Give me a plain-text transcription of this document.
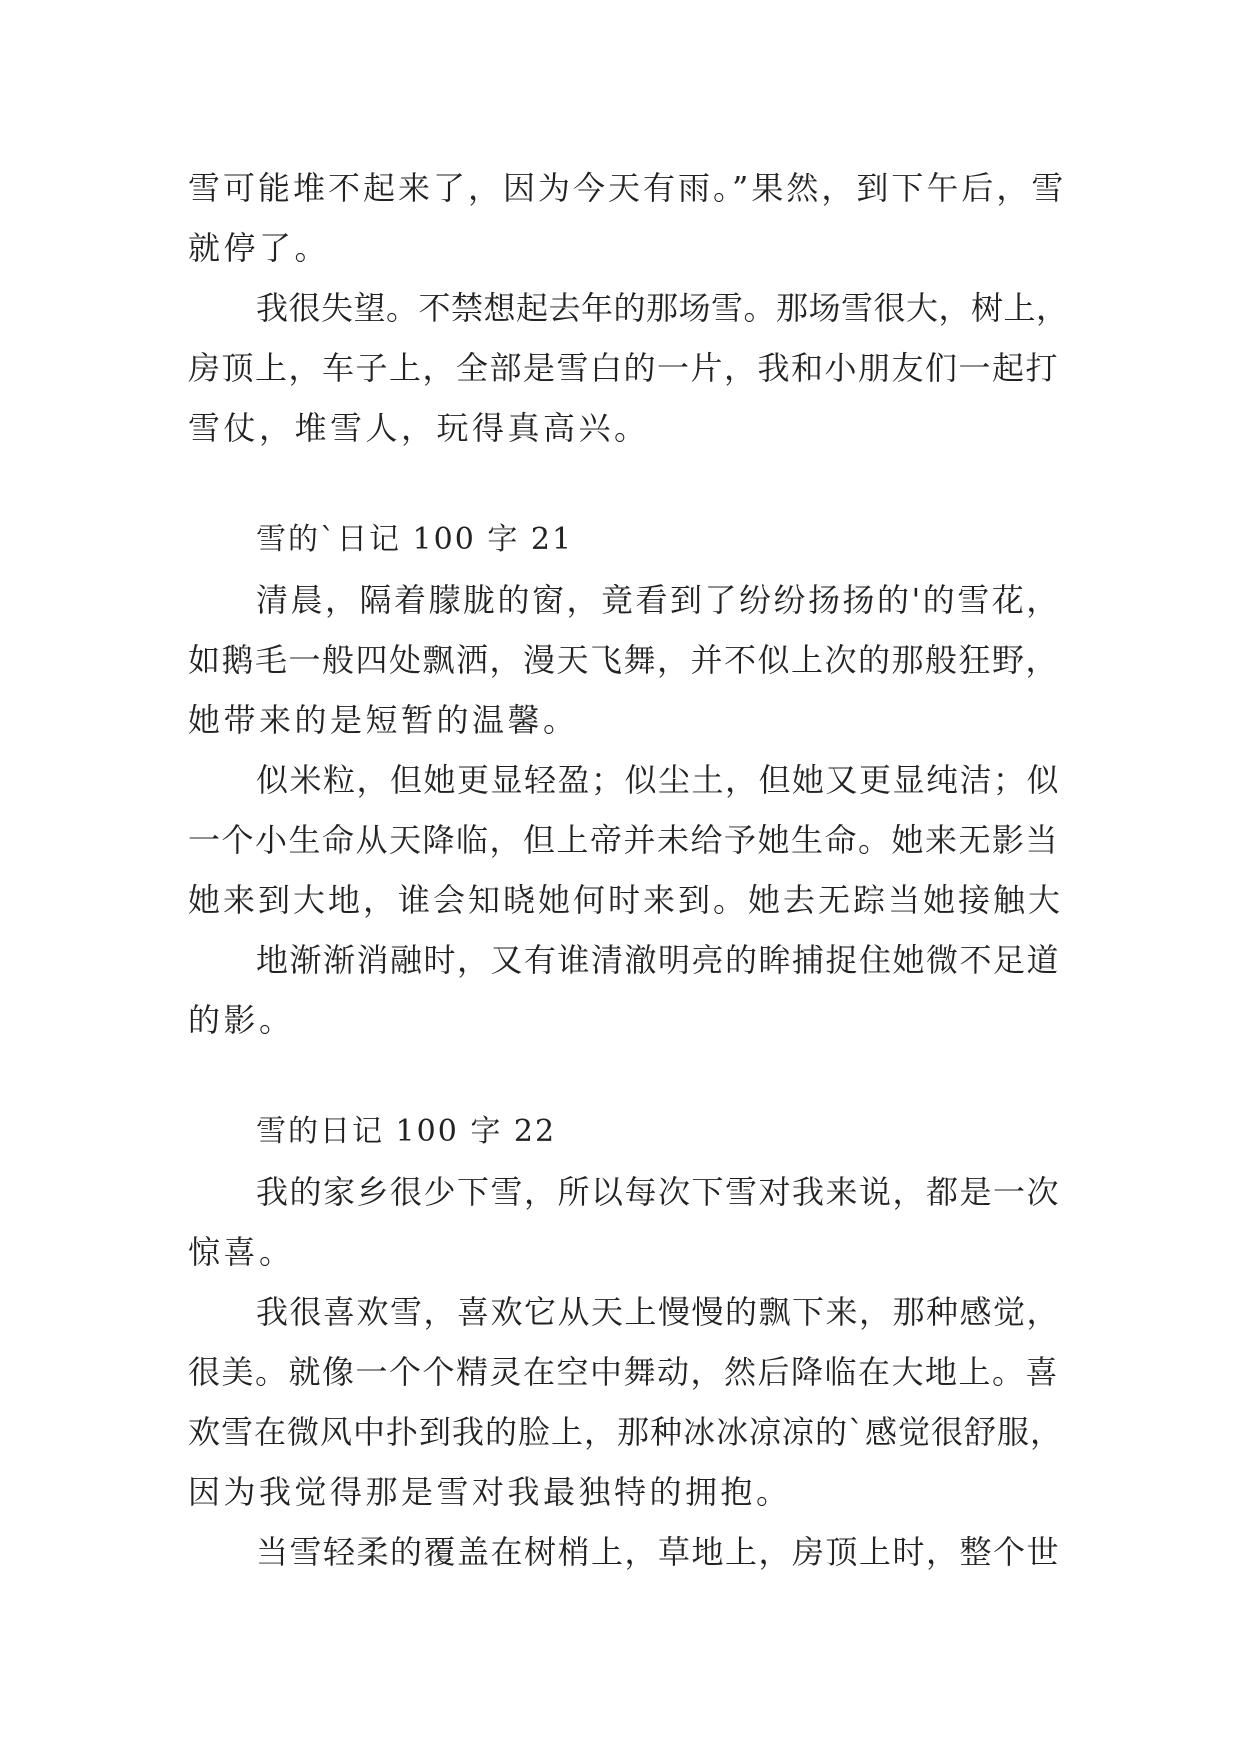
雪可能堆不起来了，因为今天有雨。”果然，到下午后，雪
就停了。
我很失望。不禁想起去年的那场雪。那场雪很大，树上，
房顶上，车子上，全部是雪白的一片，我和小朋友们一起打
雪仗，堆雪人，玩得真高兴。
雪的`日记 100 字 21
清晨，隔着朦胧的窗，竟看到了纷纷扬扬的'的雪花，
如鹅毛一般四处飘洒，漫天飞舞，并不似上次的那般狂野，
她带来的是短暂的温馨。
似米粒，但她更显轻盈；似尘土，但她又更显纯洁；似
一个小生命从天降临，但上帝并未给予她生命。她来无影当
她来到大地，谁会知晓她何时来到。她去无踪当她接触大
地渐渐消融时，又有谁清澈明亮的眸捕捉住她微不足道
的影。
雪的日记 100 字 22
我的家乡很少下雪，所以每次下雪对我来说，都是一次
惊喜。
我很喜欢雪，喜欢它从天上慢慢的飘下来，那种感觉，
很美。就像一个个精灵在空中舞动，然后降临在大地上。喜
欢雪在微风中扑到我的脸上，那种冰冰凉凉的`感觉很舒服，
因为我觉得那是雪对我最独特的拥抱。
当雪轻柔的覆盖在树梢上，草地上，房顶上时，整个世
